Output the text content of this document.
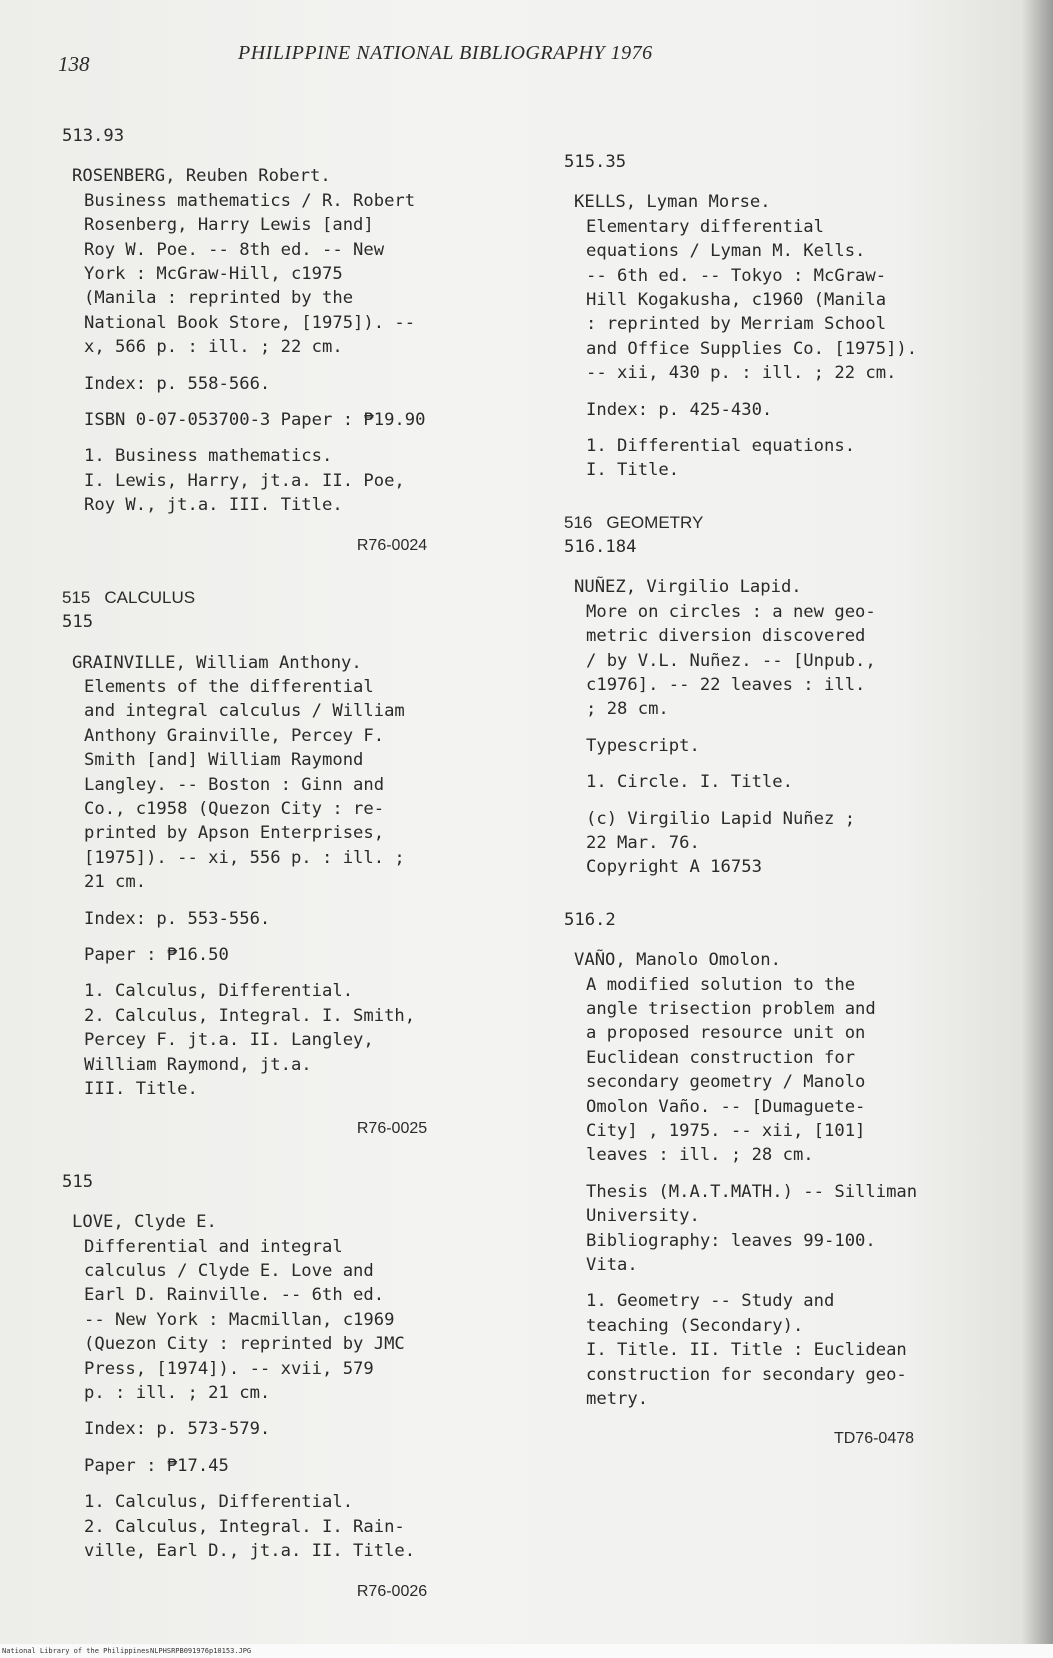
138	PHILIPPINE NATIONAL BIBLIOGRAPHY 1976
513.93
ROSENBERG, Reuben Robert.
Business mathematics / R. Robert
Rosenberg, Harry Lewis [and]
Roy W. Poe. -- 8th ed. -- New
York : McGraw-Hill, c1975
(Manila : reprinted by the
National Book Store, [1975]). --
x, 566 p. : ill. ; 22 cm.
Index: p. 558-566.
ISBN 0-07-053700-3 Paper : ₱19.90
1. Business mathematics.
I. Lewis, Harry, jt.a. II. Poe,
Roy W., jt.a. III. Title.
R76-0024
515 CALCULUS
515
GRAINVILLE, William Anthony.
Elements of the differential
and integral calculus / William
Anthony Grainville, Percey F.
Smith [and] William Raymond
Langley. -- Boston : Ginn and
Co., c1958 (Quezon City : re-
printed by Apson Enterprises,
[1975]). -- xi, 556 p. : ill. ;
21 cm.
Index: p. 553-556.
Paper : ₱16.50
1. Calculus, Differential.
2. Calculus, Integral. I. Smith,
Percey F. jt.a. II. Langley,
William Raymond, jt.a.
III. Title.
R76-0025
515
LOVE, Clyde E.
Differential and integral
calculus / Clyde E. Love and
Earl D. Rainville. -- 6th ed.
-- New York : Macmillan, c1969
(Quezon City : reprinted by JMC
Press, [1974]). -- xvii, 579
p. : ill. ; 21 cm.
Index: p. 573-579.
Paper : ₱17.45
1. Calculus, Differential.
2. Calculus, Integral. I. Rain-
ville, Earl D., jt.a. II. Title.
R76-0026
515.35
KELLS, Lyman Morse.
Elementary differential
equations / Lyman M. Kells.
-- 6th ed. -- Tokyo : McGraw-
Hill Kogakusha, c1960 (Manila
: reprinted by Merriam School
and Office Supplies Co. [1975]).
-- xii, 430 p. : ill. ; 22 cm.
Index: p. 425-430.
1. Differential equations.
I. Title.
516 GEOMETRY
516.184
NUÑEZ, Virgilio Lapid.
More on circles : a new geo-
metric diversion discovered
/ by V.L. Nuñez. -- [Unpub.,
c1976]. -- 22 leaves : ill.
; 28 cm.
Typescript.
1. Circle. I. Title.
(c) Virgilio Lapid Nuñez ;
22 Mar. 76.
Copyright A 16753
516.2
VAÑO, Manolo Omolon.
A modified solution to the
angle trisection problem and
a proposed resource unit on
Euclidean construction for
secondary geometry / Manolo
Omolon Vaño. -- [Dumaguete-
City] , 1975. -- xii, [101]
leaves : ill. ; 28 cm.
Thesis (M.A.T.MATH.) -- Silliman
University.
Bibliography: leaves 99-100.
Vita.
1. Geometry -- Study and
teaching (Secondary).
I. Title. II. Title : Euclidean
construction for secondary geo-
metry.
TD76-0478
National Library of the Philippines NLPHSRPB091976p10153.JPG
